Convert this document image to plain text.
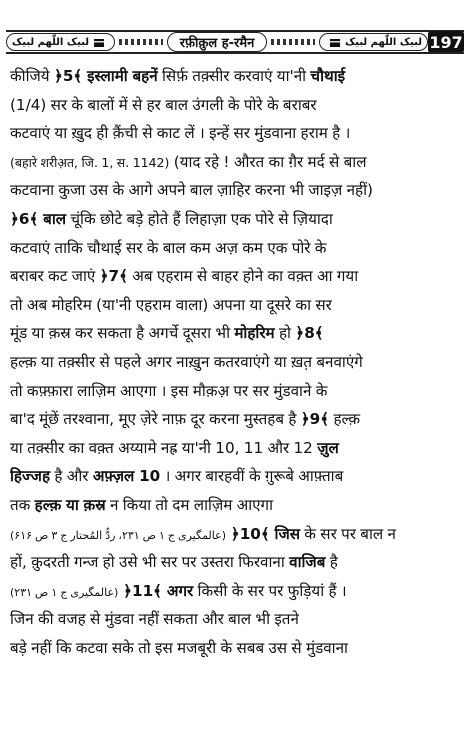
لبیک اللّٰھم لبیک	रफ़ीक़ुल ह-रमैन	لبیک اللّٰھم لبیک 197
कीजिये ﴿5﴾ इस्लामी बहनें सिर्फ़ तक़्सीर करवाएं या'नी चौथाई
(1/4) सर के बालों में से हर बाल उंगली के पोरे के बराबर
कटवाएं या ख़ुद ही क़ैंची से काट लें । इन्हें सर मुंडवाना हराम है ।
(बहारे शरीअ़त, जि. 1, स. 1142) (याद रहे ! औरत का ग़ैर मर्द से बाल
कटवाना कुजा उस के आगे अपने बाल ज़ाहिर करना भी जाइज़ नहीं)
﴿6﴾ बाल चूंकि छोटे बड़े होते हैं लिहाज़ा एक पोरे से ज़ियादा
कटवाएं ताकि चौथाई सर के बाल कम अज़ कम एक पोरे के
बराबर कट जाएं ﴿7﴾ अब एहराम से बाहर होने का वक़्त आ गया
तो अब मोहरिम (या'नी एहराम वाला) अपना या दूसरे का सर
मूंड या क़स्र कर सकता है अगर्चे दूसरा भी मोहरिम हो ﴿8﴾
हल्क़ या तक़्सीर से पहले अगर नाख़ुन कतरवाएंगे या ख़त़ बनवाएंगे
तो कफ़्फ़ारा लाज़िम आएगा । इस मौक़अ़ पर सर मुंडवाने के
बा'द मूंछें तरश्वाना, मूए ज़ेरे नाफ़ दूर करना मुस्तहब है ﴿9﴾ हल्क़
या तक़्सीर का वक़्त अय्यामे नह्र या'नी 10, 11 और 12 ज़ुल
हिज्जह है और अफ़्ज़ल 10 । अगर बारहवीं के ग़ुरूबे आफ़्ताब
तक हल्क़ या क़स्र न किया तो दम लाज़िम आएगा
(عالمگیری ج ۱ ص ۲۳۱، ردُّ المُحتار ج ۳ ص ۶۱۶) ﴿10﴾ जिस के सर पर बाल न
हों, क़ुदरती गन्ज हो उसे भी सर पर उस्तरा फिरवाना वाजिब है
(عالمگیری ج ۱ ص ۲۳۱) ﴿11﴾ अगर किसी के सर पर फुड़ियां हैं ।
जिन की वजह से मुंडवा नहीं सकता और बाल भी इतने
बड़े नहीं कि कटवा सके तो इस मजबूरी के सबब उस से मुंडवाना
